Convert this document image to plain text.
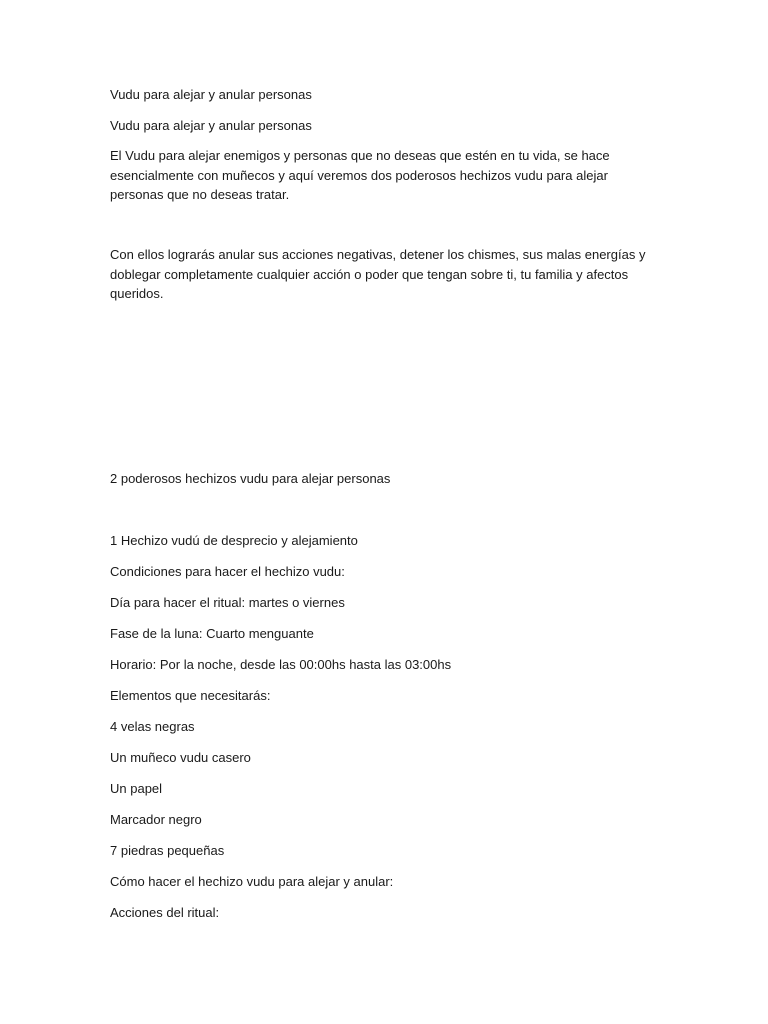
Vudu para alejar y anular personas

Vudu para alejar y anular personas

El Vudu para alejar enemigos y personas que no deseas que estén en tu vida, se hace esencialmente con muñecos y aquí veremos dos poderosos hechizos vudu para alejar personas que no deseas tratar.

Con ellos lograrás anular sus acciones negativas, detener los chismes, sus malas energías y doblegar completamente cualquier acción o poder que tengan sobre ti, tu familia y afectos queridos.

2 poderosos hechizos vudu para alejar personas

1 Hechizo vudú de desprecio y alejamiento

Condiciones para hacer el hechizo vudu:

Día para hacer el ritual: martes o viernes

Fase de la luna: Cuarto menguante

Horario: Por la noche, desde las 00:00hs hasta las 03:00hs

Elementos que necesitarás:

4 velas negras

Un muñeco vudu casero

Un papel

Marcador negro

7 piedras pequeñas

Cómo hacer el hechizo vudu para alejar y anular:

Acciones del ritual:
